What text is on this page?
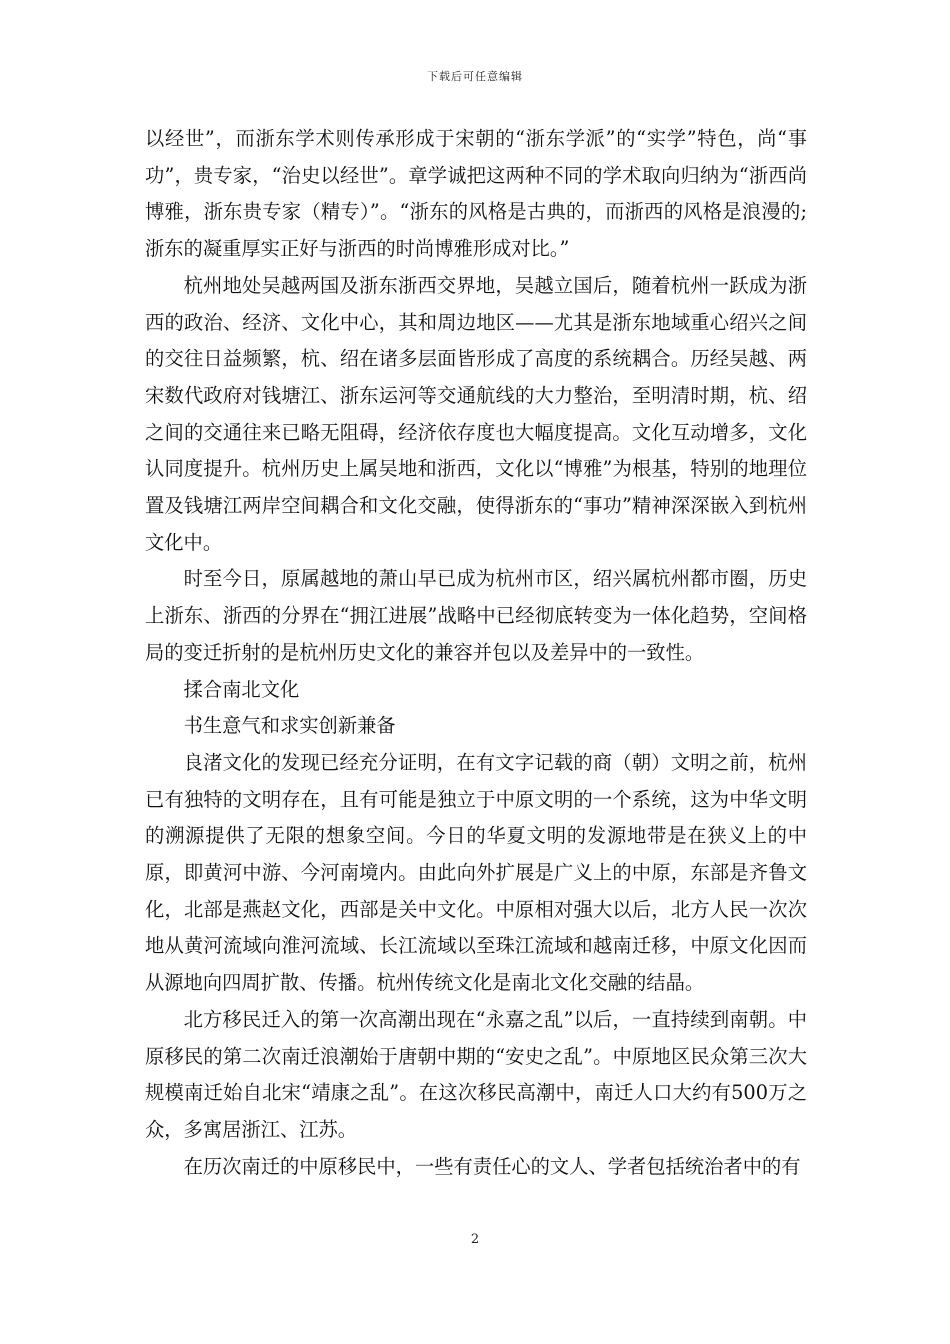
下载后可任意编辑

以经世”，而浙东学术则传承形成于宋朝的“浙东学派”的“实学”特色，尚“事功”，贵专家，“治史以经世”。章学诚把这两种不同的学术取向归纳为“浙西尚博雅，浙东贵专家（精专）”。“浙东的风格是古典的，而浙西的风格是浪漫的;浙东的凝重厚实正好与浙西的时尚博雅形成对比。”

杭州地处吴越两国及浙东浙西交界地，吴越立国后，随着杭州一跃成为浙西的政治、经济、文化中心，其和周边地区——尤其是浙东地域重心绍兴之间的交往日益频繁，杭、绍在诸多层面皆形成了高度的系统耦合。历经吴越、两宋数代政府对钱塘江、浙东运河等交通航线的大力整治，至明清时期，杭、绍之间的交通往来已略无阻碍，经济依存度也大幅度提高。文化互动增多，文化认同度提升。杭州历史上属吴地和浙西，文化以“博雅”为根基，特别的地理位置及钱塘江两岸空间耦合和文化交融，使得浙东的“事功”精神深深嵌入到杭州文化中。

时至今日，原属越地的萧山早已成为杭州市区，绍兴属杭州都市圈，历史上浙东、浙西的分界在“拥江进展”战略中已经彻底转变为一体化趋势，空间格局的变迁折射的是杭州历史文化的兼容并包以及差异中的一致性。

揉合南北文化

书生意气和求实创新兼备

良渚文化的发现已经充分证明，在有文字记载的商（朝）文明之前，杭州已有独特的文明存在，且有可能是独立于中原文明的一个系统，这为中华文明的溯源提供了无限的想象空间。今日的华夏文明的发源地带是在狭义上的中原，即黄河中游、今河南境内。由此向外扩展是广义上的中原，东部是齐鲁文化，北部是燕赵文化，西部是关中文化。中原相对强大以后，北方人民一次次地从黄河流域向淮河流域、长江流域以至珠江流域和越南迁移，中原文化因而从源地向四周扩散、传播。杭州传统文化是南北文化交融的结晶。

北方移民迁入的第一次高潮出现在“永嘉之乱”以后，一直持续到南朝。中原移民的第二次南迁浪潮始于唐朝中期的“安史之乱”。中原地区民众第三次大规模南迁始自北宋“靖康之乱”。在这次移民高潮中，南迁人口大约有500万之众，多寓居浙江、江苏。

在历次南迁的中原移民中，一些有责任心的文人、学者包括统治者中的有

2
